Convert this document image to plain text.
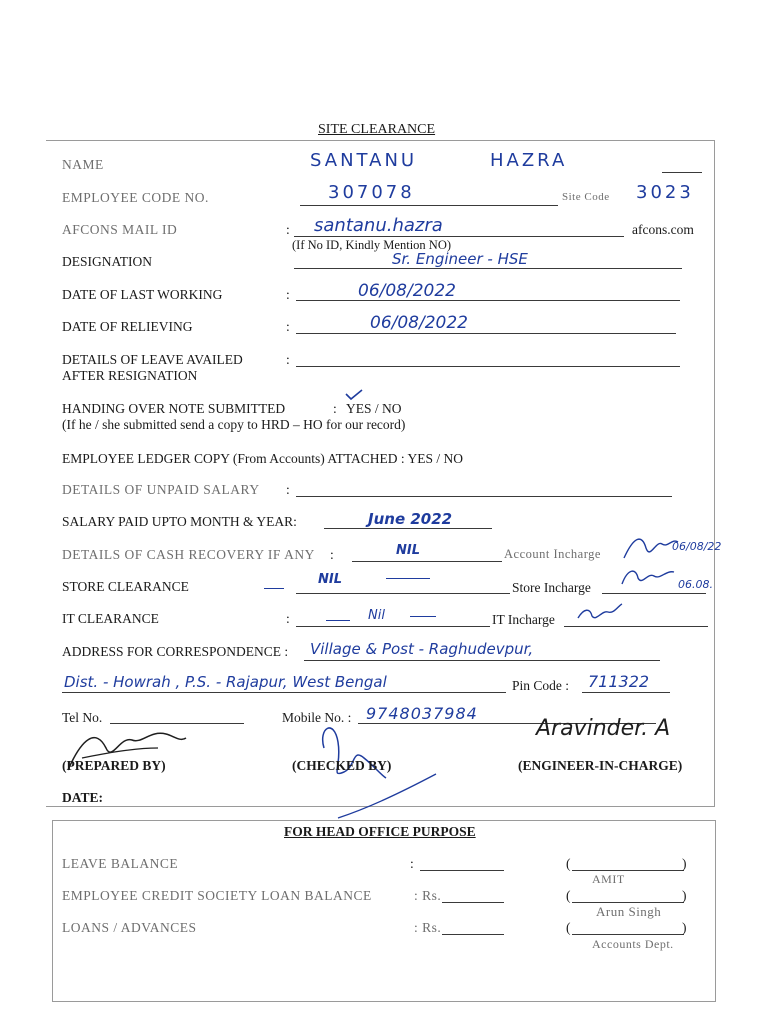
SITE CLEARANCE
NAME	SANTANU	HAZRA
EMPLOYEE CODE NO.	307078	Site Code 3023
AFCONS MAIL ID	: santanu.hazra	afcons.com
(If No ID, Kindly Mention NO)
DESIGNATION	Sr. Engineer - HSE
DATE OF LAST WORKING	:	06/08/2022
DATE OF RELIEVING	:	06/08/2022
DETAILS OF LEAVE AVAILED
AFTER RESIGNATION
:
HANDING OVER NOTE SUBMITTED	: YES / NO
(If he / she submitted send a copy to HRD – HO for our record)
EMPLOYEE LEDGER COPY (From Accounts) ATTACHED : YES / NO
DETAILS OF UNPAID SALARY :
SALARY PAID UPTO MONTH & YEAR:	June 2022
DETAILS OF CASH RECOVERY IF ANY :	NIL	Account Incharge
06/08/22
STORE CLEARANCE	NIL
Store Incharge	06.08.
IT CLEARANCE	:	Nil	IT Incharge
ADDRESS FOR CORRESPONDENCE : Village & Post - Raghudevpur,
Dist. - Howrah , P.S. - Rajapur, West Bengal	Pin Code : 711322
Tel No.	Mobile No. : 9748037984
Aravinder. A
(PREPARED BY)	(CHECKED BY)	(ENGINEER-IN-CHARGE)
DATE:
FOR HEAD OFFICE PURPOSE
LEAVE BALANCE	:	(	)
AMIT
EMPLOYEE CREDIT SOCIETY LOAN BALANCE	: Rs.	(	)
Arun Singh
LOANS / ADVANCES	: Rs.	(	)
Accounts Dept.
